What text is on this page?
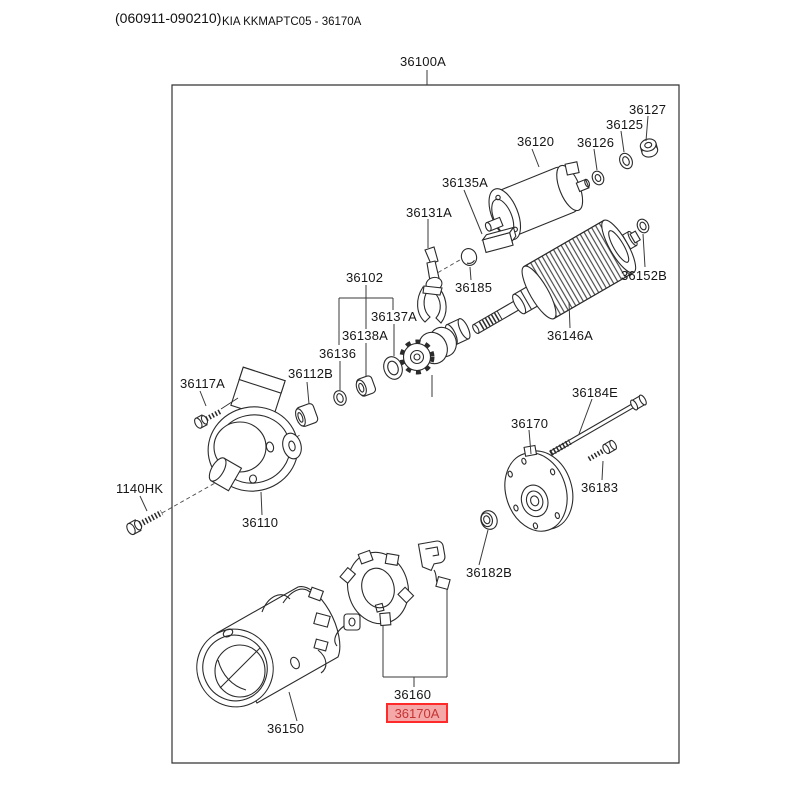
(060911-090210) KIA KKMAPTC05 - 36170A
36100A
36127
36125
36126
36120
36135A
36131A
36102
36137A
36138A
36136
36185
36146A
36152B
36117A
36112B
1140HK
36110
36184E
36170
36183
36182B
36160
36150
36170A
